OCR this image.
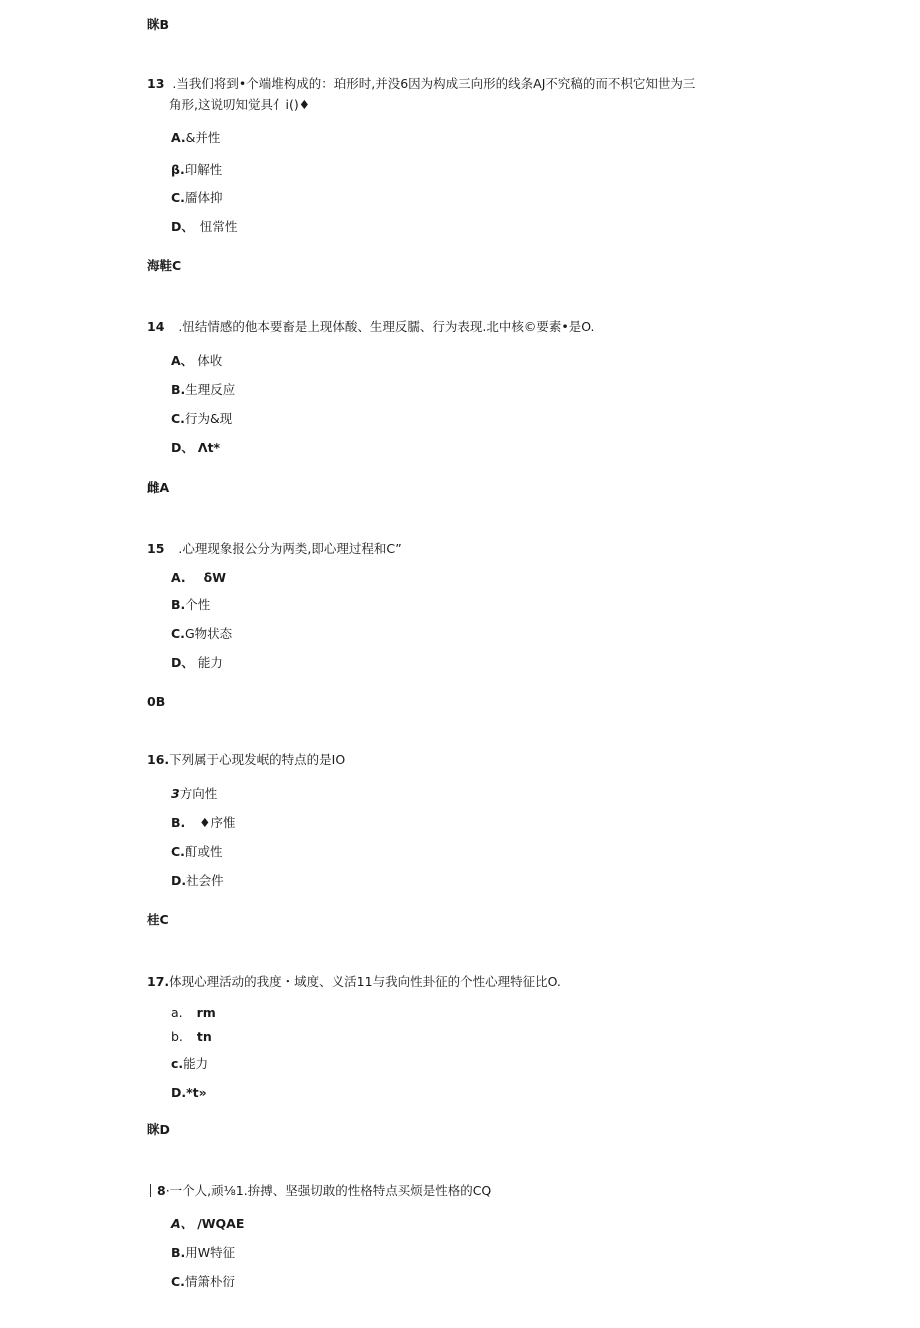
眯B
13 .当我们将到•个端堆构成的：珀形时,并没6因为构成三向形的线条AJ不究稿的而不枳它知世为三
角形,这说叨知觉具亻i()♦
A.&并性
β.印解性
C.靥体抑
D、 忸常性
海鞋C
14 .忸结情感的他本要畜是上现体酸、生理反臑、行为表现.北中核©要素•是O.
A、 体收
B.生理反应
C.行为&现
D、 Λt*
雌A
15 .心理现象报公分为两类,即心理过程和C”
A. δW
B.个性
C.G物状态
D、 能力
0B
16.下列属于心现发岷的特点的是IO
3方向性
B. ♦序惟
C.酊或性
D.社会件
桂C
17.体现心理活动的我度・域度、义活11与我向性卦征的个性心理特征比O.
a. rm
b. tn
c.能力
D.*t»
眯D
8·一个人,顽⅛1.拚搏、坚强切敢的性格特点买烦是性格的CQ
A、 /WQAE
B.用W特征
C.情箫朴衍
